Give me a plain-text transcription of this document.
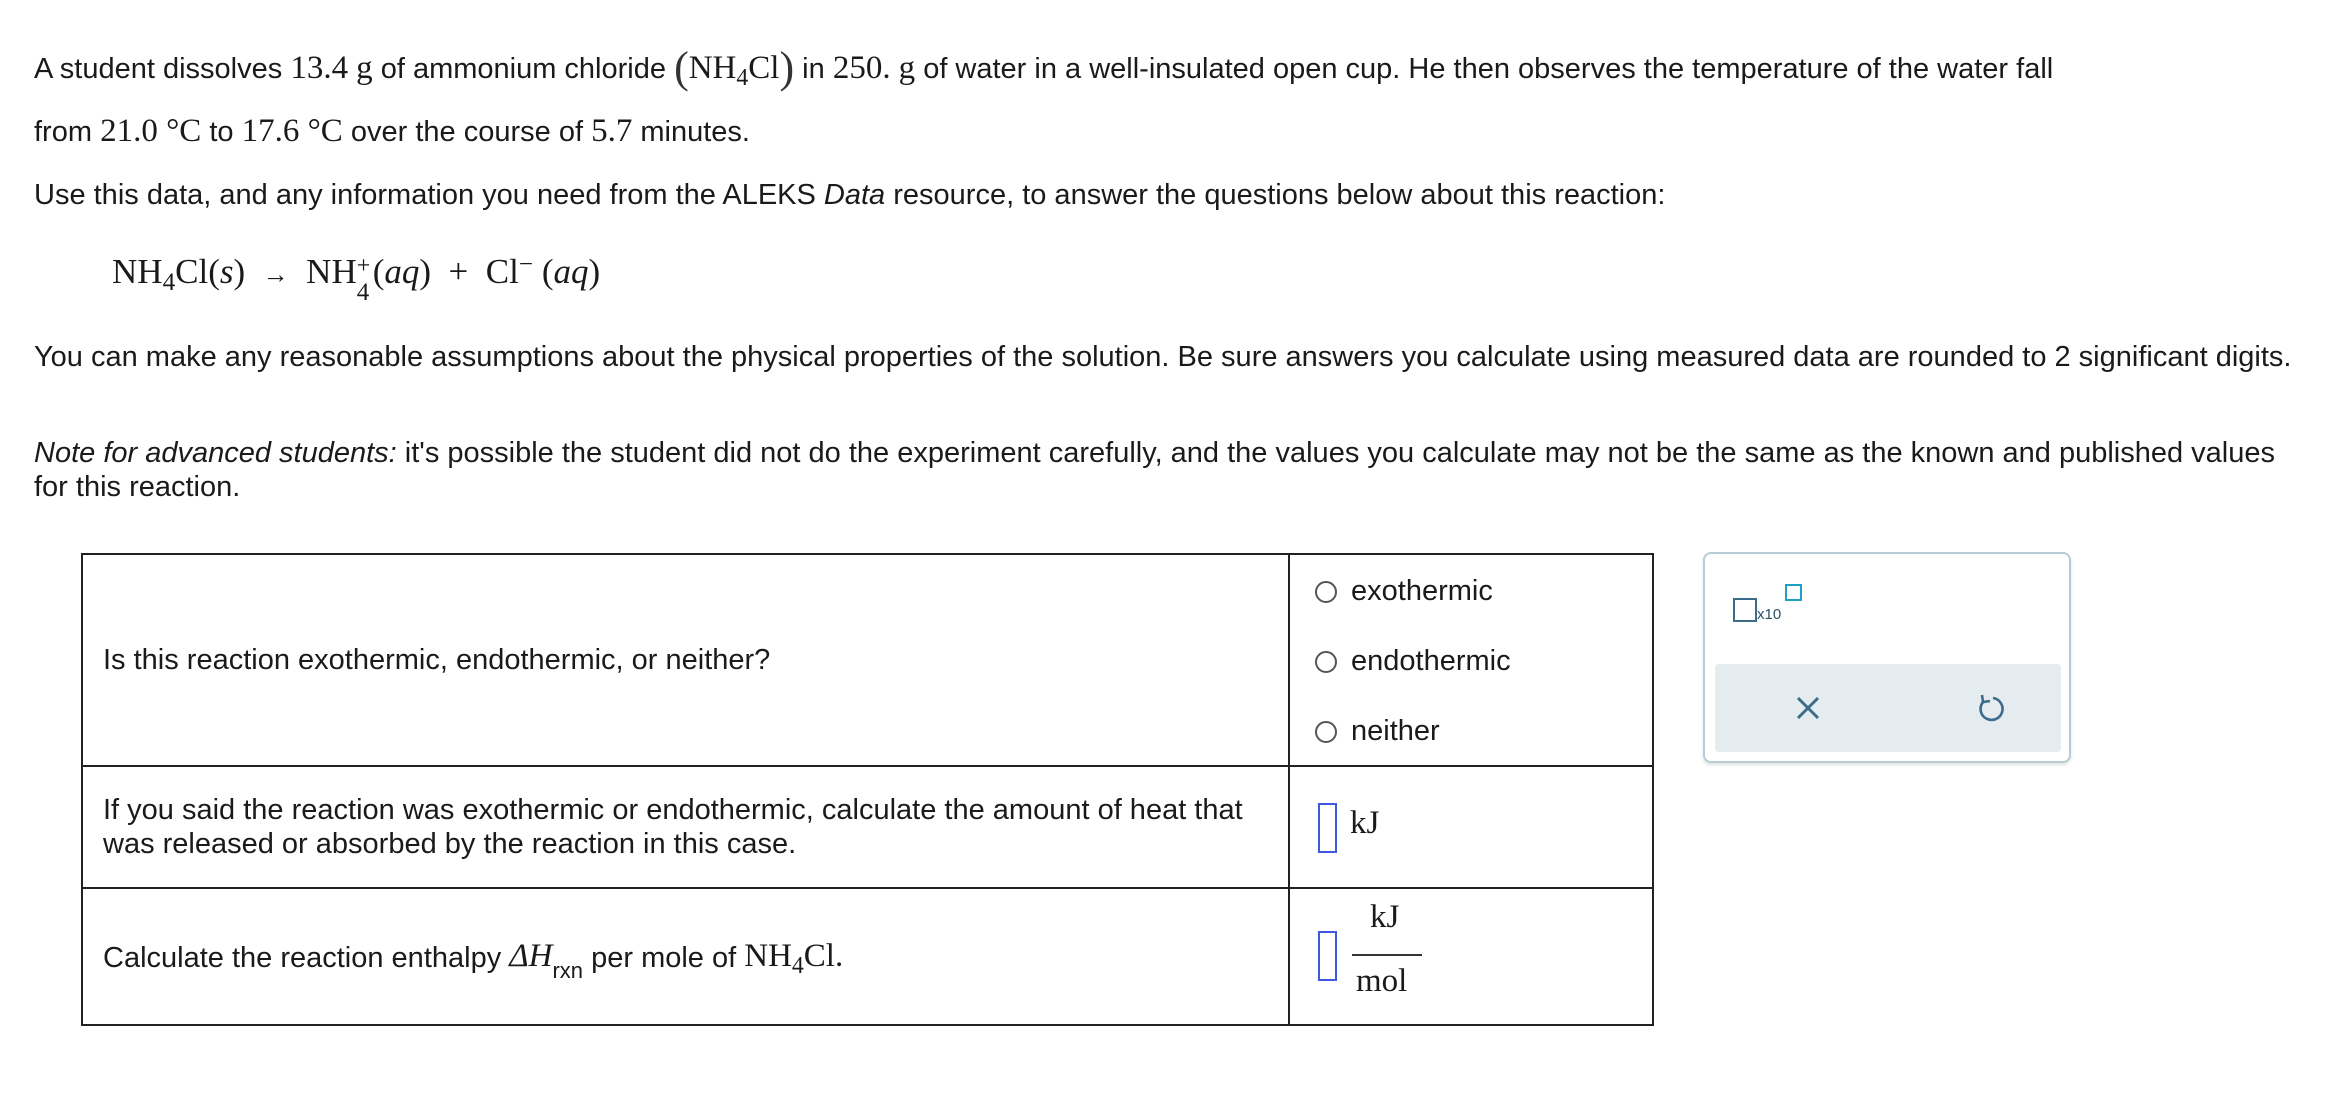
A student dissolves 13.4 g of ammonium chloride $(NH_4Cl)$ in 250. g of water in a well-insulated open cup. He then observes the temperature of the water fall
from 21.0 °C to 17.6 °C over the course of 5.7 minutes.
Use this data, and any information you need from the ALEKS Data resource, to answer the questions below about this reaction:
$NH_4Cl(s)$  → NH +
4
(aq)  + Cl− (aq)
You can make any reasonable assumptions about the physical properties of the solution. Be sure answers you calculate using measured data are rounded to 2 significant digits.
Note for advanced students: it's possible the student did not do the experiment carefully, and the values you calculate may not be the same as the known and published values for this reaction.
Is this reaction exothermic, endothermic, or neither?
exothermic
endothermic
neither
If you said the reaction was exothermic or endothermic, calculate the amount of heat that was released or absorbed by the reaction in this case.
kJ
Calculate the reaction enthalpy
$\Delta H_{rxn}$
per mole of
$NH_4Cl$.
kJ
mol
x10
